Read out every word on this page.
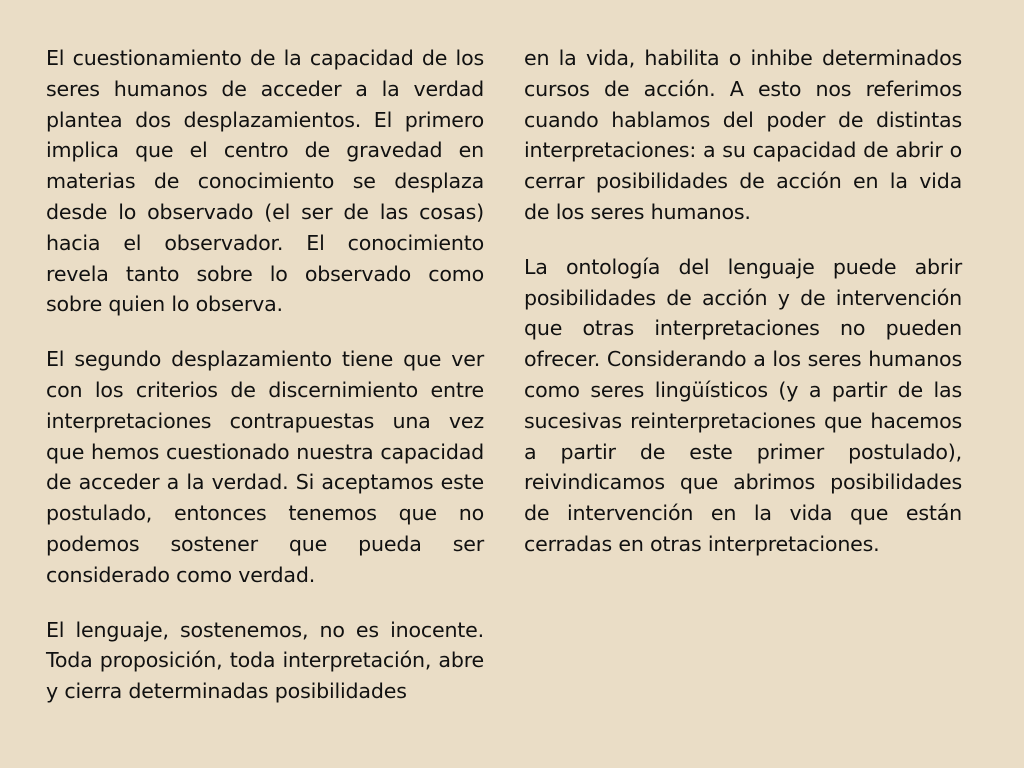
El cuestionamiento de la capacidad de los seres humanos de acceder a la verdad plantea dos desplazamientos. El primero implica que el centro de gravedad en materias de conocimiento se desplaza desde lo observado (el ser de las cosas) hacia el observador. El conocimiento revela tanto sobre lo observado como sobre quien lo observa.

El segundo desplazamiento tiene que ver con los criterios de discernimiento entre interpretaciones contrapuestas una vez que hemos cuestionado nuestra capacidad de acceder a la verdad. Si aceptamos este postulado, entonces tenemos que no podemos sostener que pueda ser considerado como verdad.

El lenguaje, sostenemos, no es inocente. Toda proposición, toda interpretación, abre y cierra determinadas posibilidades

en la vida, habilita o inhibe determinados cursos de acción. A esto nos referimos cuando hablamos del poder de distintas interpretaciones: a su capacidad de abrir o cerrar posibilidades de acción en la vida de los seres humanos.

La ontología del lenguaje puede abrir posibilidades de acción y de intervención que otras interpretaciones no pueden ofrecer. Considerando a los seres humanos como seres lingüísticos (y a partir de las sucesivas reinterpretaciones que hacemos a partir de este primer postulado), reivindicamos que abrimos posibilidades de intervención en la vida que están cerradas en otras interpretaciones.
